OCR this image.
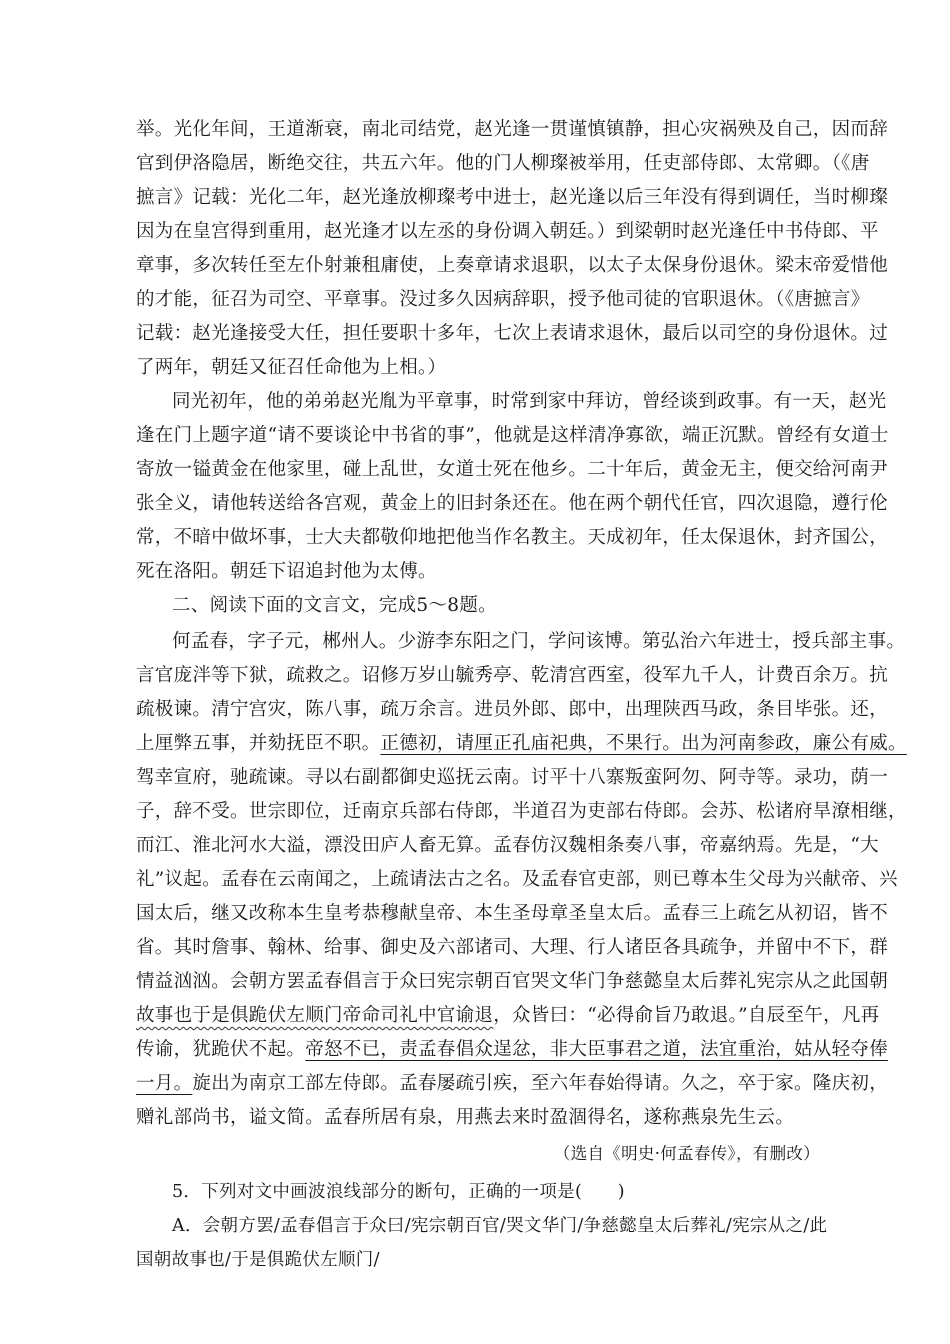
举。光化年间，王道渐衰，南北司结党，赵光逢一贯谨慎镇静，担心灾祸殃及自己，因而辞
官到伊洛隐居，断绝交往，共五六年。他的门人柳璨被举用，任吏部侍郎、太常卿。（《唐
摭言》记载：光化二年，赵光逢放柳璨考中进士，赵光逢以后三年没有得到调任，当时柳璨
因为在皇宫得到重用，赵光逢才以左丞的身份调入朝廷。）到梁朝时赵光逢任中书侍郎、平
章事，多次转任至左仆射兼租庸使，上奏章请求退职，以太子太保身份退休。梁末帝爱惜他
的才能，征召为司空、平章事。没过多久因病辞职，授予他司徒的官职退休。（《唐摭言》
记载：赵光逢接受大任，担任要职十多年，七次上表请求退休，最后以司空的身份退休。过
了两年，朝廷又征召任命他为上相。）
同光初年，他的弟弟赵光胤为平章事，时常到家中拜访，曾经谈到政事。有一天，赵光
逢在门上题字道“请不要谈论中书省的事”，他就是这样清净寡欲，端正沉默。曾经有女道士
寄放一镒黄金在他家里，碰上乱世，女道士死在他乡。二十年后，黄金无主，便交给河南尹
张全义，请他转送给各宫观，黄金上的旧封条还在。他在两个朝代任官，四次退隐，遵行伦
常，不暗中做坏事，士大夫都敬仰地把他当作名教主。天成初年，任太保退休，封齐国公，
死在洛阳。朝廷下诏追封他为太傅。
二、阅读下面的文言文，完成5～8题。
何孟春，字子元，郴州人。少游李东阳之门，学问该博。第弘治六年进士，授兵部主事。
言官庞泮等下狱，疏救之。诏修万岁山毓秀亭、乾清宫西室，役军九千人，计费百余万。抗
疏极谏。清宁宫灾，陈八事，疏万余言。进员外郎、郎中，出理陕西马政，条目毕张。还，
上厘弊五事，并劾抚臣不职。正德初，请厘正孔庙祀典，不果行。出为河南参政，廉公有威。
驾幸宣府，驰疏谏。寻以右副都御史巡抚云南。讨平十八寨叛蛮阿勿、阿寺等。录功，荫一
子，辞不受。世宗即位，迁南京兵部右侍郎，半道召为吏部右侍郎。会苏、松诸府旱潦相继，
而江、淮北河水大溢，漂没田庐人畜无算。孟春仿汉魏相条奏八事，帝嘉纳焉。先是，“大
礼”议起。孟春在云南闻之，上疏请法古之名。及孟春官吏部，则已尊本生父母为兴献帝、兴
国太后，继又改称本生皇考恭穆献皇帝、本生圣母章圣皇太后。孟春三上疏乞从初诏，皆不
省。其时詹事、翰林、给事、御史及六部诸司、大理、行人诸臣各具疏争，并留中不下，群
情益汹汹。会朝方罢孟春倡言于众曰宪宗朝百官哭文华门争慈懿皇太后葬礼宪宗从之此国朝
故事也于是俱跪伏左顺门帝命司礼中官谕退，众皆曰：“必得俞旨乃敢退。”自辰至午，凡再
传谕，犹跪伏不起。帝怒不已，责孟春倡众逞忿，非大臣事君之道，法宜重治，姑从轻夺俸
一月。旋出为南京工部左侍郎。孟春屡疏引疾，至六年春始得请。久之，卒于家。隆庆初，
赠礼部尚书，谥文简。孟春所居有泉，用燕去来时盈涸得名，遂称燕泉先生云。
（选自《明史·何孟春传》，有删改）
5．下列对文中画波浪线部分的断句，正确的一项是(　　)
A．会朝方罢/孟春倡言于众曰/宪宗朝百官/哭文华门/争慈懿皇太后葬礼/宪宗从之/此
国朝故事也/于是俱跪伏左顺门/
